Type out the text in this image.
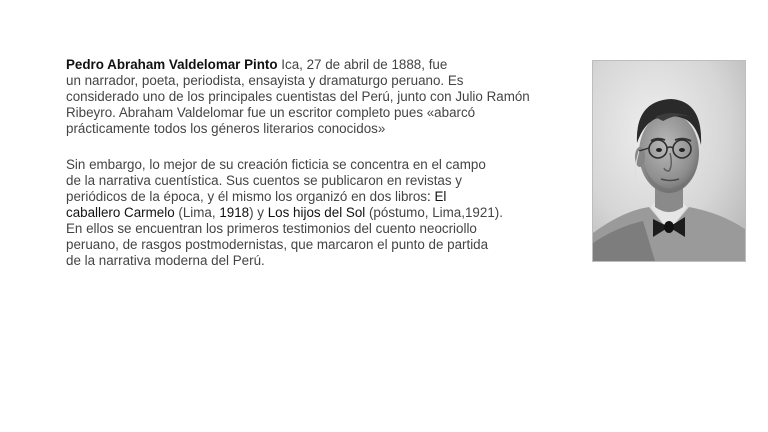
Pedro Abraham Valdelomar Pinto Ica, 27 de abril de 1888, fue
un narrador, poeta, periodista, ensayista y dramaturgo peruano. Es
considerado uno de los principales cuentistas del Perú, junto con Julio Ramón
Ribeyro. Abraham Valdelomar fue un escritor completo pues «abarcó
prácticamente todos los géneros literarios conocidos»
Sin embargo, lo mejor de su creación ficticia se concentra en el campo
de la narrativa cuentística. Sus cuentos se publicaron en revistas y
periódicos de la época, y él mismo los organizó en dos libros: El
caballero Carmelo (Lima, 1918) y Los hijos del Sol (póstumo, Lima,1921).
En ellos se encuentran los primeros testimonios del cuento neocriollo
peruano, de rasgos postmodernistas, que marcaron el punto de partida
de la narrativa moderna del Perú.
